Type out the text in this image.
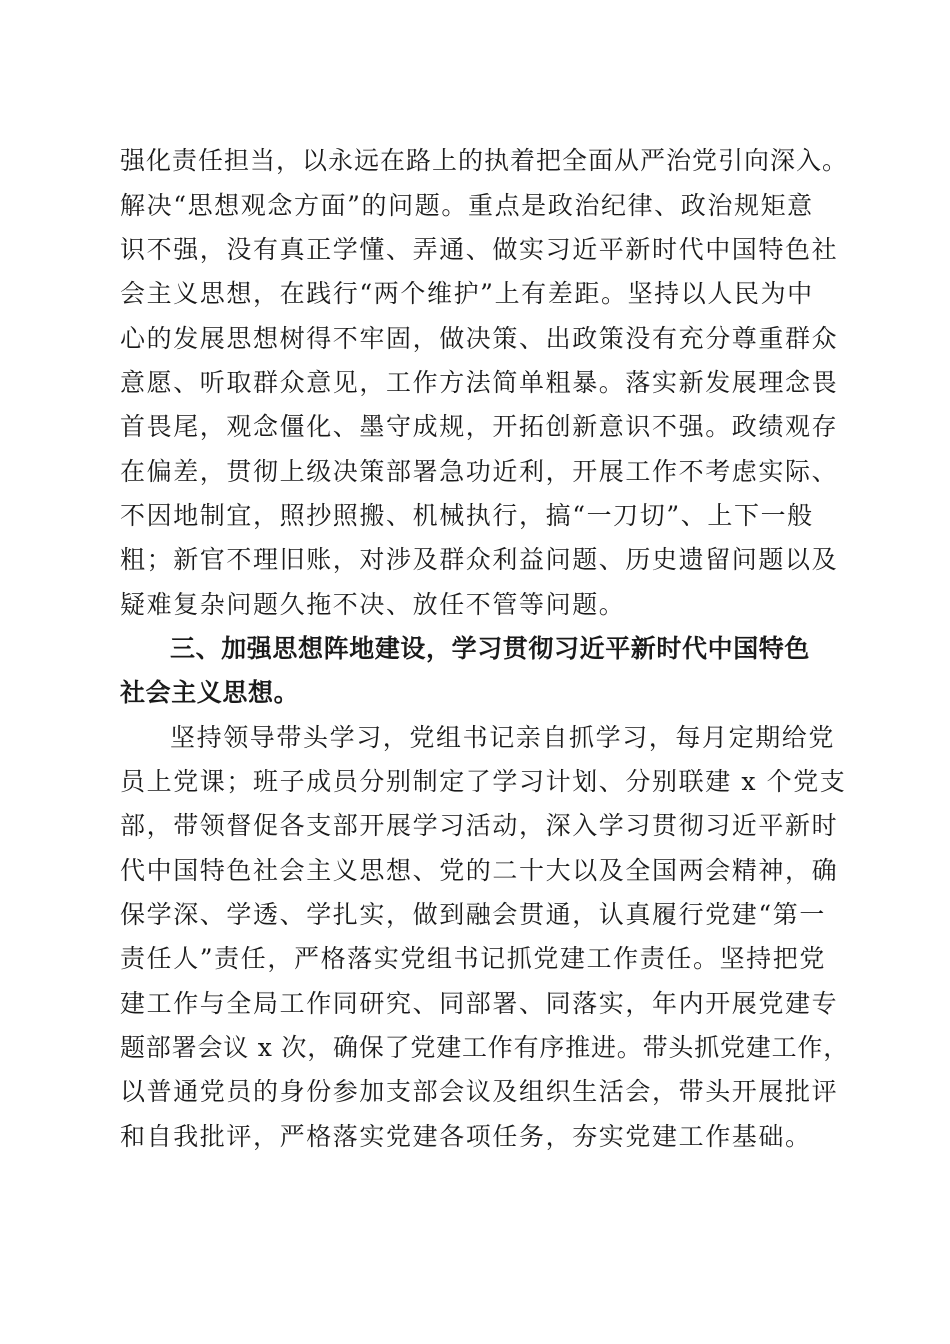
强化责任担当，以永远在路上的执着把全面从严治党引向深入。
解决“思想观念方面”的问题。重点是政治纪律、政治规矩意
识不强，没有真正学懂、弄通、做实习近平新时代中国特色社
会主义思想，在践行“两个维护”上有差距。坚持以人民为中
心的发展思想树得不牢固，做决策、出政策没有充分尊重群众
意愿、听取群众意见，工作方法简单粗暴。落实新发展理念畏
首畏尾，观念僵化、墨守成规，开拓创新意识不强。政绩观存
在偏差，贯彻上级决策部署急功近利，开展工作不考虑实际、
不因地制宜，照抄照搬、机械执行，搞“一刀切”、上下一般
粗；新官不理旧账，对涉及群众利益问题、历史遗留问题以及
疑难复杂问题久拖不决、放任不管等问题。
三、加强思想阵地建设，学习贯彻习近平新时代中国特色
社会主义思想。
坚持领导带头学习，党组书记亲自抓学习，每月定期给党
员上党课；班子成员分别制定了学习计划、分别联建 x 个党支
部，带领督促各支部开展学习活动，深入学习贯彻习近平新时
代中国特色社会主义思想、党的二十大以及全国两会精神，确
保学深、学透、学扎实，做到融会贯通，认真履行党建“第一
责任人”责任，严格落实党组书记抓党建工作责任。坚持把党
建工作与全局工作同研究、同部署、同落实，年内开展党建专
题部署会议 x 次，确保了党建工作有序推进。带头抓党建工作，
以普通党员的身份参加支部会议及组织生活会，带头开展批评
和自我批评，严格落实党建各项任务，夯实党建工作基础。
